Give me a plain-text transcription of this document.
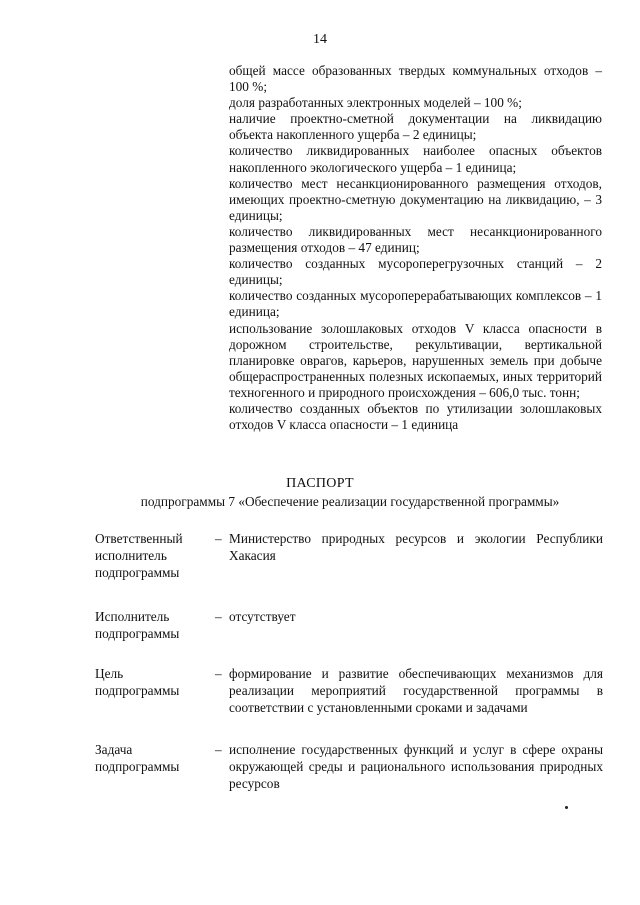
14

общей массе образованных твердых коммунальных отходов – 100 %;

доля разработанных электронных моделей – 100 %;

наличие проектно-сметной документации на ликвидацию объекта накопленного ущерба – 2 единицы;

количество ликвидированных наиболее опасных объектов накопленного экологического ущерба – 1 единица;

количество мест несанкционированного размещения отходов, имеющих проектно-сметную документацию на ликвидацию, – 3 единицы;

количество ликвидированных мест несанкционированного размещения отходов – 47 единиц;

количество созданных мусороперегрузочных станций – 2 единицы;

количество созданных мусороперерабатывающих комплексов – 1 единица;

использование золошлаковых отходов V класса опасности в дорожном строительстве, рекультивации, вертикальной планировке оврагов, карьеров, нарушенных земель при добыче общераспространенных полезных ископаемых, иных территорий техногенного и природного происхождения – 606,0 тыс. тонн;

количество созданных объектов по утилизации золошлаковых отходов V класса опасности – 1 единица

ПАСПОРТ
подпрограммы 7 «Обеспечение реализации государственной программы»
Ответственный исполнитель подпрограммы
– Министерство природных ресурсов и экологии Республики Хакасия
Исполнитель подпрограммы
– отсутствует
Цель подпрограммы
– формирование и развитие обеспечивающих механизмов для реализации мероприятий государственной программы в соответствии с установленными сроками и задачами
Задача подпрограммы
– исполнение государственных функций и услуг в сфере охраны окружающей среды и рационального использования природных ресурсов
